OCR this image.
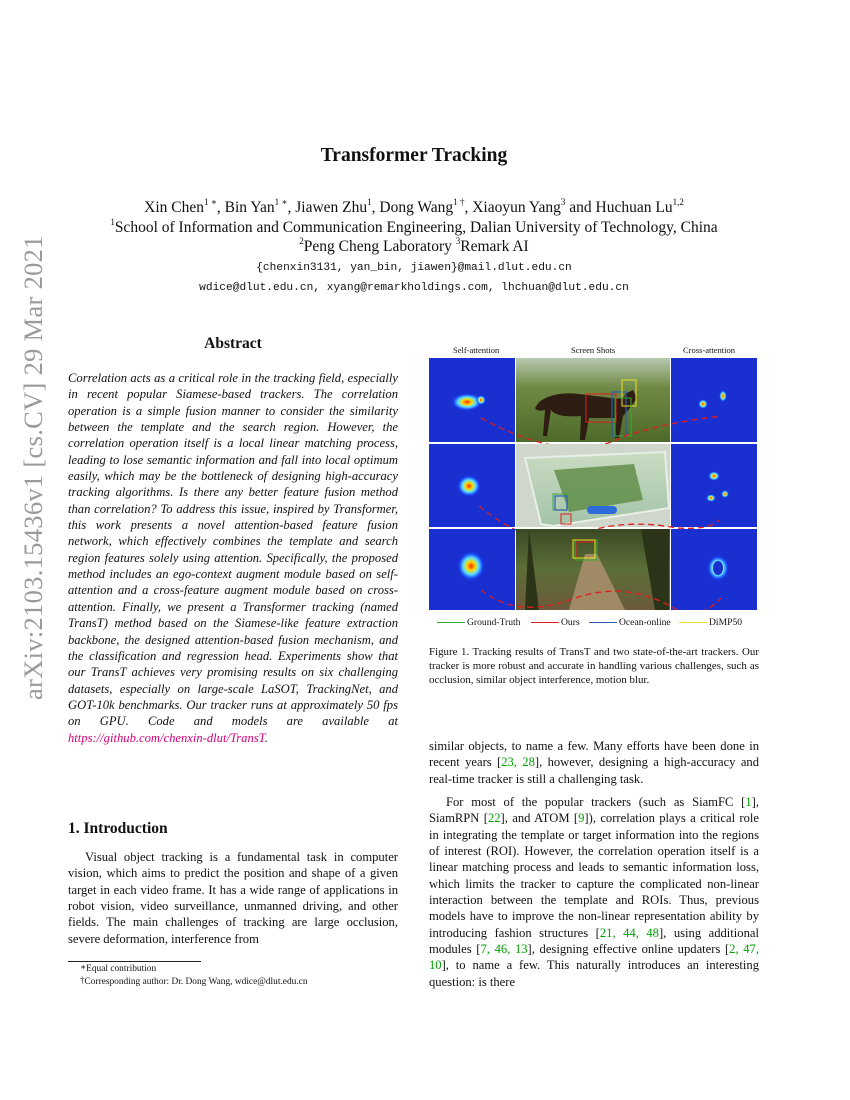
arXiv:2103.15436v1 [cs.CV] 29 Mar 2021
Transformer Tracking
Xin Chen$^{1 ∗}$, Bin Yan$^{1 ∗}$, Jiawen Zhu$^1$, Dong Wang$^{1 \dagger}$, Xiaoyun Yang$^3$ and Huchuan Lu$^{1,2}$
$^1$School of Information and Communication Engineering, Dalian University of Technology, China
$^2$Peng Cheng Laboratory $^3$Remark AI
{chenxin3131, yan_bin, jiawen}@mail.dlut.edu.cn
wdice@dlut.edu.cn, xyang@remarkholdings.com, lhchuan@dlut.edu.cn
Abstract
Correlation acts as a critical role in the tracking field, especially in recent popular Siamese-based trackers. The correlation operation is a simple fusion manner to consider the similarity between the template and the search region. However, the correlation operation itself is a local linear matching process, leading to lose semantic information and fall into local optimum easily, which may be the bottleneck of designing high-accuracy tracking algorithms. Is there any better feature fusion method than correlation? To address this issue, inspired by Transformer, this work presents a novel attention-based feature fusion network, which effectively combines the template and search region features solely using attention. Specifically, the proposed method includes an ego-context augment module based on self-attention and a cross-feature augment module based on cross-attention. Finally, we present a Transformer tracking (named TransT) method based on the Siamese-like feature extraction backbone, the designed attention-based fusion mechanism, and the classification and regression head. Experiments show that our TransT achieves very promising results on six challenging datasets, especially on large-scale LaSOT, TrackingNet, and GOT-10k benchmarks. Our tracker runs at approximately 50 fps on GPU. Code and models are available at https://github.com/chenxin-dlut/TransT.
1. Introduction
Visual object tracking is a fundamental task in computer vision, which aims to predict the position and shape of a given target in each video frame. It has a wide range of applications in robot vision, video surveillance, unmanned driving, and other fields. The main challenges of tracking are large occlusion, severe deformation, interference from
∗Equal contribution
†Corresponding author: Dr. Dong Wang, wdice@dlut.edu.cn
Self-attention	Screen Shots	Cross-attention
Ground-Truth	Ours	Ocean-online	DiMP50
Figure 1. Tracking results of TransT and two state-of-the-art trackers. Our tracker is more robust and accurate in handling various challenges, such as occlusion, similar object interference, motion blur.
similar objects, to name a few. Many efforts have been done in recent years [23, 28], however, designing a high-accuracy and real-time tracker is still a challenging task.
For most of the popular trackers (such as SiamFC [1], SiamRPN [22], and ATOM [9]), correlation plays a critical role in integrating the template or target information into the regions of interest (ROI). However, the correlation operation itself is a linear matching process and leads to semantic information loss, which limits the tracker to capture the complicated non-linear interaction between the template and ROIs. Thus, previous models have to improve the non-linear representation ability by introducing fashion structures [21, 44, 48], using additional modules [7, 46, 13], designing effective online updaters [2, 47, 10], to name a few. This naturally introduces an interesting question: is there
